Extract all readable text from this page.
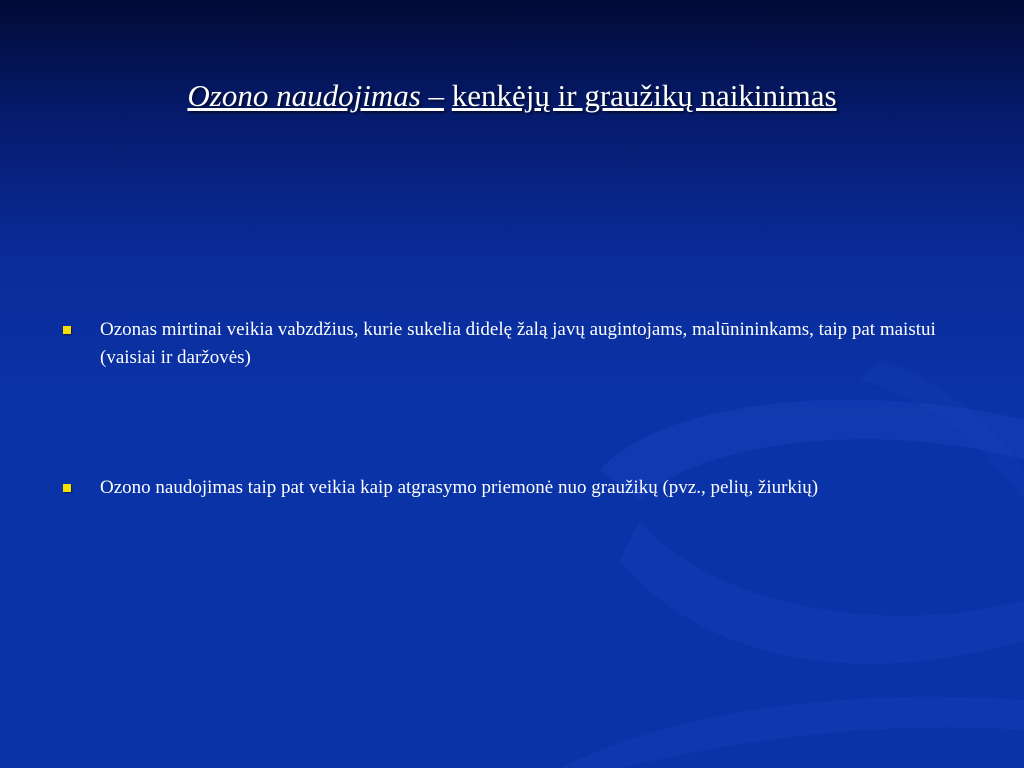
Ozono naudojimas – kenkėjų ir graužikų naikinimas
Ozonas mirtinai veikia vabzdžius, kurie sukelia didelę žalą javų augintojams, malūnininkams, taip pat maistui (vaisiai ir daržovės)
Ozono naudojimas taip pat veikia kaip atgrasymo priemonė nuo graužikų (pvz., pelių, žiurkių)
